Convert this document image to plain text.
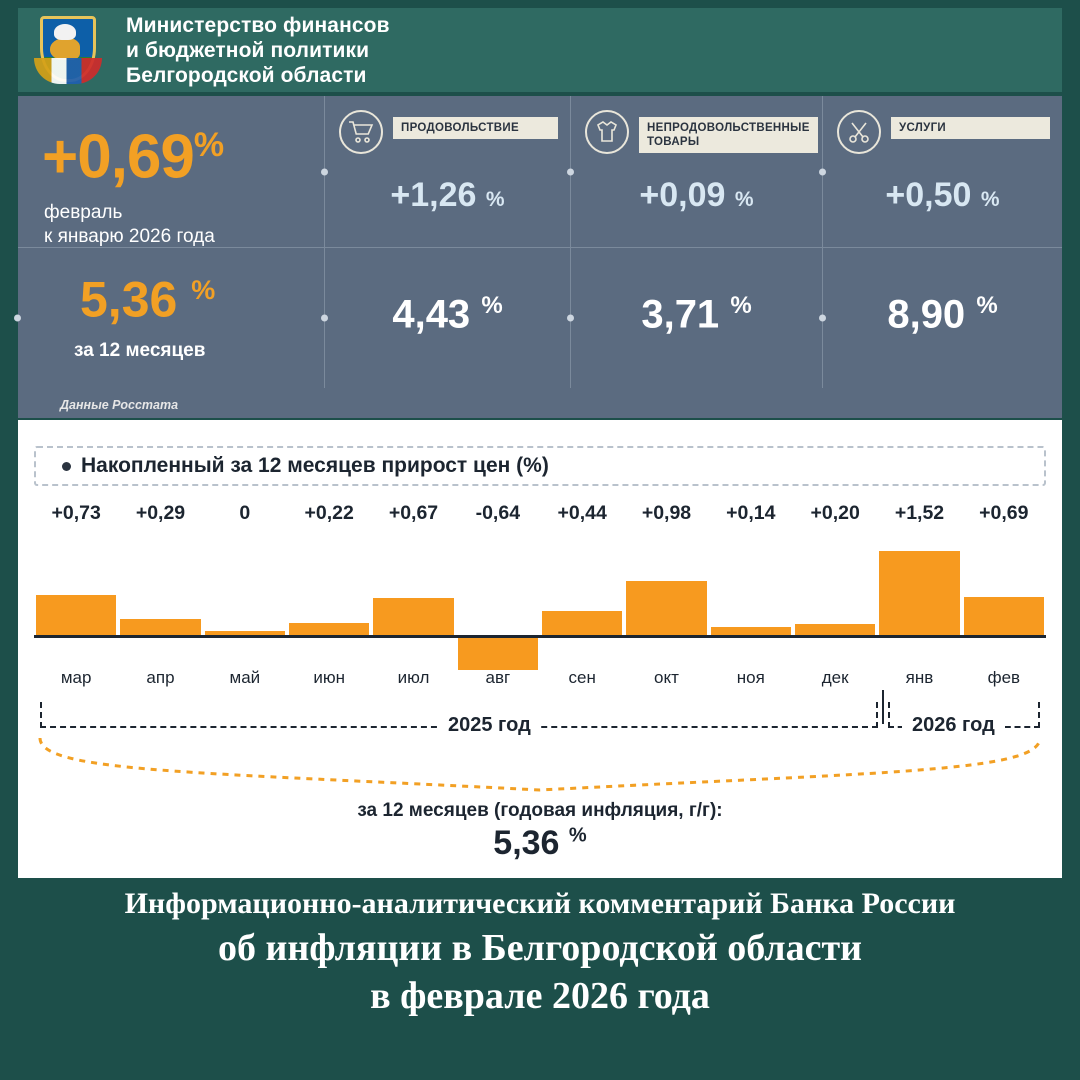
Министерство финансов
и бюджетной политики
Белгородской области
+0,69%
февраль
к январю 2026 года
ПРОДОВОЛЬСТВИЕ
+1,26 %
НЕПРОДОВОЛЬСТВЕННЫЕ ТОВАРЫ
+0,09 %
УСЛУГИ
+0,50 %
5,36 %
за 12 месяцев
4,43 %	3,71 %	8,90 %
Данные Росстата
Накопленный за 12 месяцев прирост цен (%)
+0,73	+0,29	0	+0,22	+0,67	-0,64	+0,44	+0,98	+0,14	+0,20	+1,52	+0,69
мар	апр	май	июн	июл	авг	сен	окт	ноя	дек	янв	фев
2025 год	2026 год
за 12 месяцев (годовая инфляция, г/г):
5,36 %
Информационно-аналитический комментарий Банка России
об инфляции в Белгородской области
в феврале 2026 года
